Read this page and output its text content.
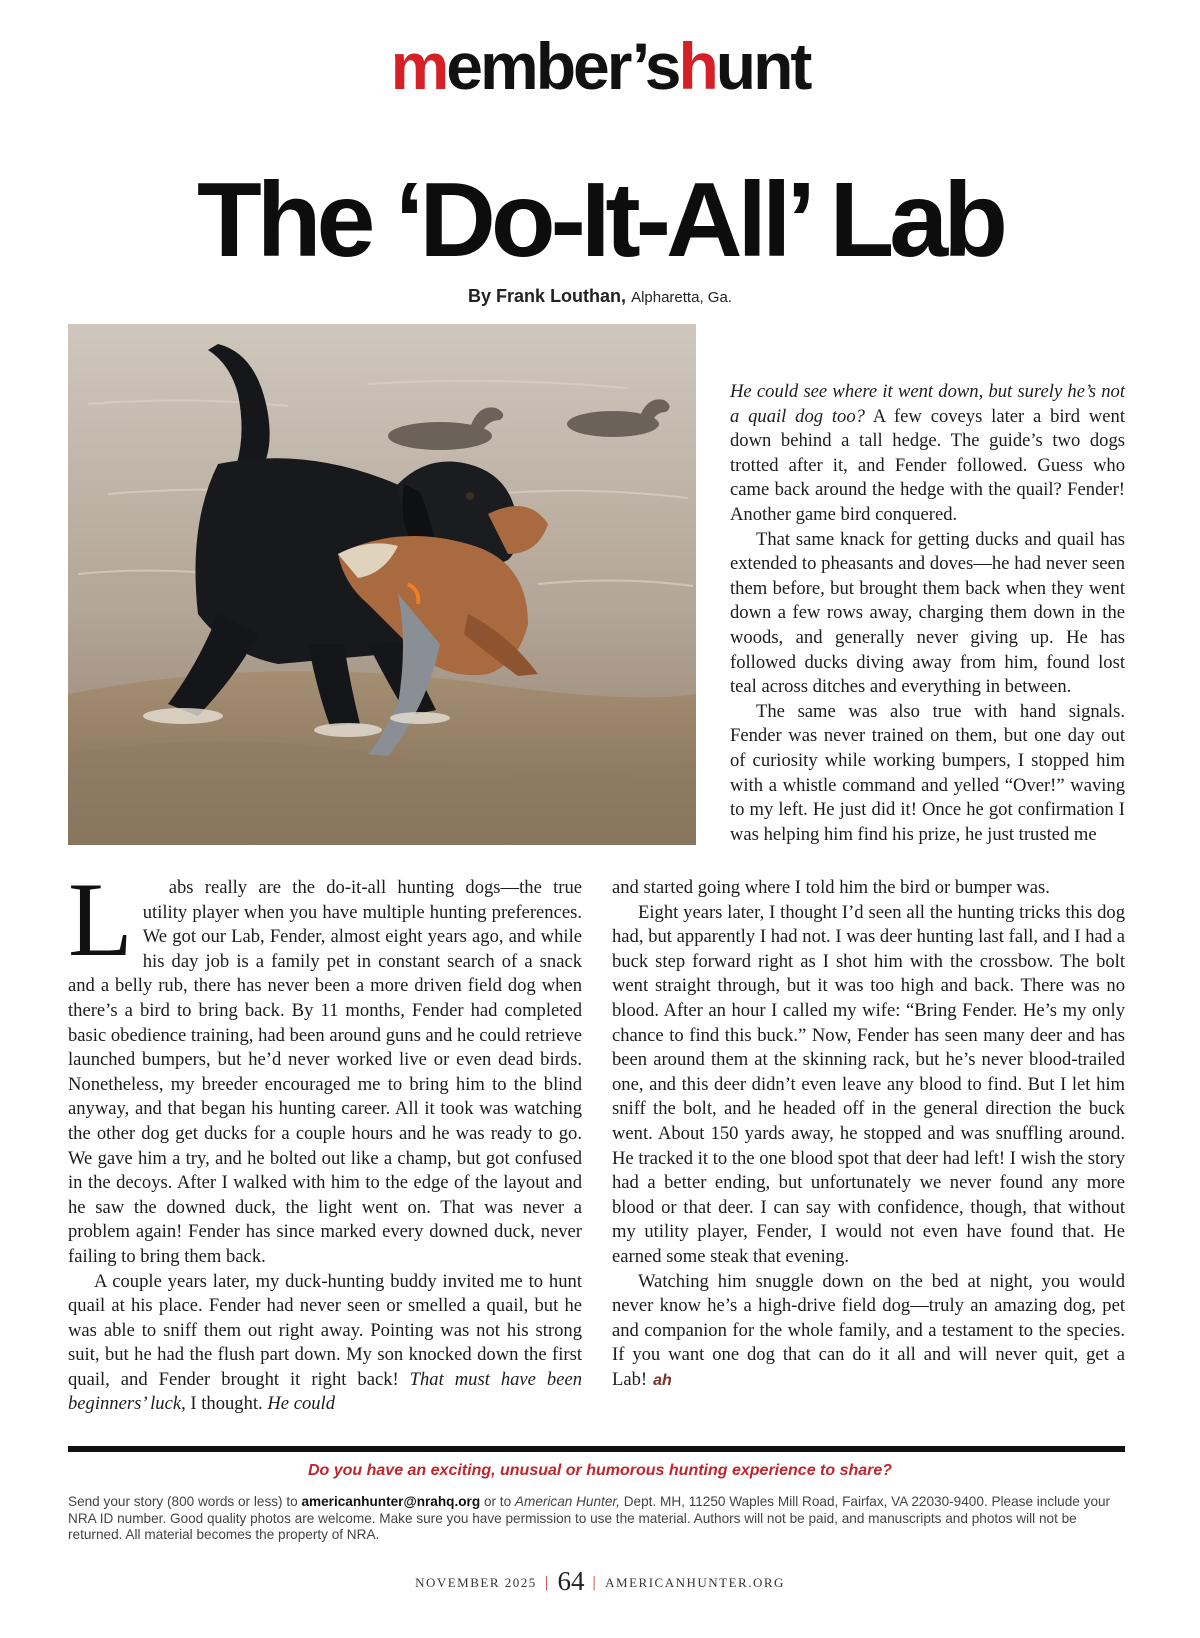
member’shunt
The ‘Do-It-All’ Lab
By Frank Louthan, Alpharetta, Ga.

He could see where it went down, but surely he’s not a quail dog too? A few coveys later a bird went down behind a tall hedge. The guide’s two dogs trotted after it, and Fender followed. Guess who came back around the hedge with the quail? Fender! Another game bird conquered.

That same knack for getting ducks and quail has extended to pheasants and doves—he had never seen them before, but brought them back when they went down a few rows away, charging them down in the woods, and generally never giving up. He has followed ducks diving away from him, found lost teal across ditches and everything in between.

The same was also true with hand signals. Fender was never trained on them, but one day out of curiosity while working bumpers, I stopped him with a whistle command and yelled “Over!” waving to my left. He just did it! Once he got confirmation I was helping him find his prize, he just trusted me

L	abs really are the do-it-all hunting dogs—the true utility player when you have multiple hunting preferences. We got our Lab, Fender, almost eight years ago, and while his day job is a family pet in constant search of a snack and a belly rub, there has never been a more driven field dog when there’s a bird to bring back. By 11 months, Fender had completed basic obedience training, had been around guns and he could retrieve launched bumpers, but he’d never worked live or even dead birds. Nonetheless, my breeder encouraged me to bring him to the blind anyway, and that began his hunting career. All it took was watching the other dog get ducks for a couple hours and he was ready to go. We gave him a try, and he bolted out like a champ, but got confused in the decoys. After I walked with him to the edge of the layout and he saw the downed duck, the light went on. That was never a problem again! Fender has since marked every downed duck, never failing to bring them back.

A couple years later, my duck-hunting buddy invited me to hunt quail at his place. Fender had never seen or smelled a quail, but he was able to sniff them out right away. Pointing was not his strong suit, but he had the flush part down. My son knocked down the first quail, and Fender brought it right back! That must have been beginners’ luck, I thought. He could

and started going where I told him the bird or bumper was.

Eight years later, I thought I’d seen all the hunting tricks this dog had, but apparently I had not. I was deer hunting last fall, and I had a buck step forward right as I shot him with the crossbow. The bolt went straight through, but it was too high and back. There was no blood. After an hour I called my wife: “Bring Fender. He’s my only chance to find this buck.” Now, Fender has seen many deer and has been around them at the skinning rack, but he’s never blood-trailed one, and this deer didn’t even leave any blood to find. But I let him sniff the bolt, and he headed off in the general direction the buck went. About 150 yards away, he stopped and was snuffling around. He tracked it to the one blood spot that deer had left! I wish the story had a better ending, but unfortunately we never found any more blood or that deer. I can say with confidence, though, that without my utility player, Fender, I would not even have found that. He earned some steak that evening.

Watching him snuggle down on the bed at night, you would never know he’s a high-drive field dog—truly an amazing dog, pet and companion for the whole family, and a testament to the species. If you want one dog that can do it all and will never quit, get a Lab! ah

Do you have an exciting, unusual or humorous hunting experience to share?

Send your story (800 words or less) to americanhunter@nrahq.org or to American Hunter, Dept. MH, 11250 Waples Mill Road, Fairfax, VA 22030-9400. Please include your NRA ID number. Good quality photos are welcome. Make sure you have permission to use the material. Authors will not be paid, and manuscripts and photos will not be returned. All material becomes the property of NRA.

NOVEMBER 2025 | 64 | AMERICANHUNTER.ORG
